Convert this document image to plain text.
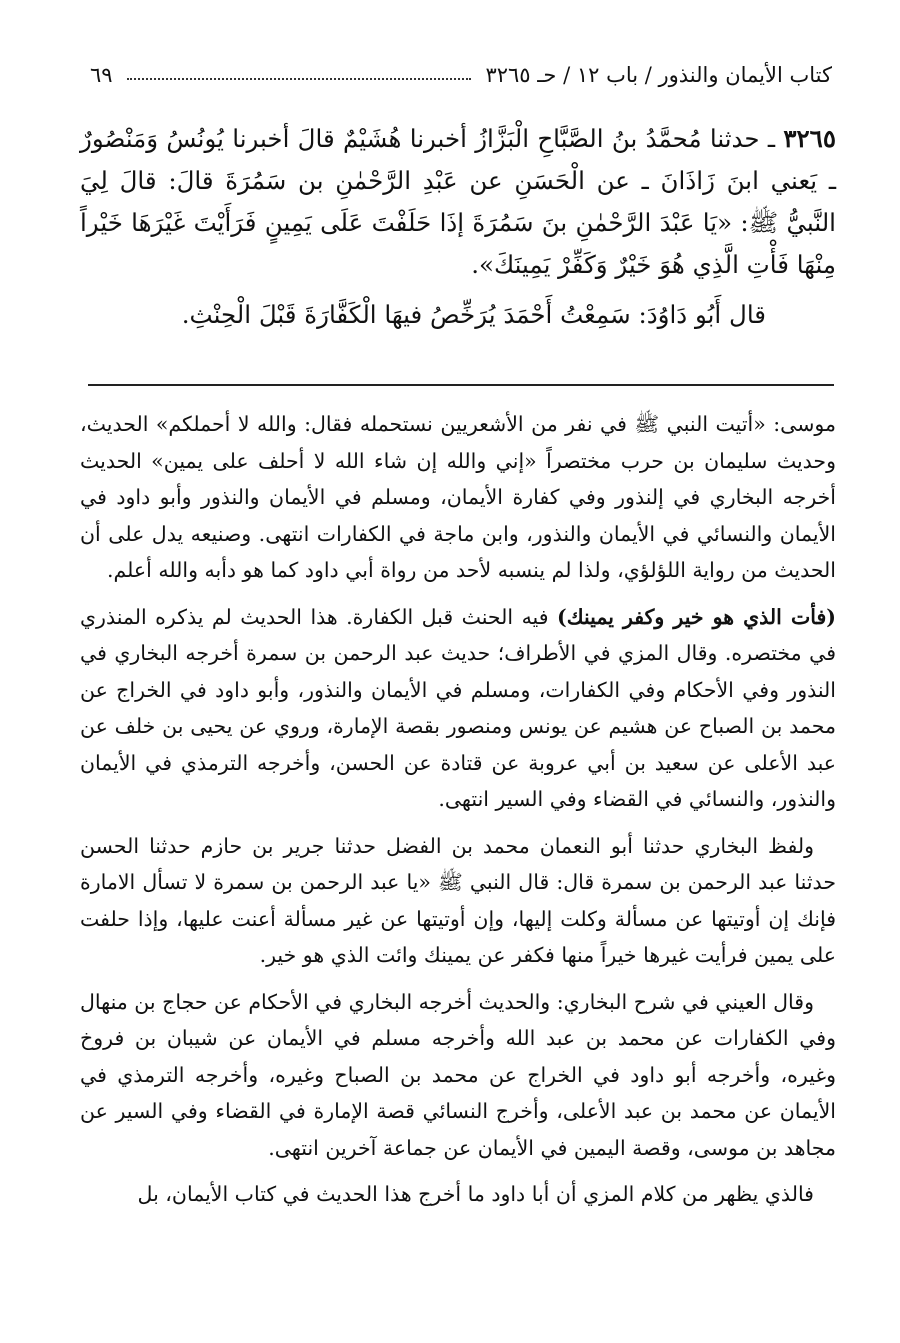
كتاب الأيمان والنذور / باب ١٢ / حـ ٣٢٦٥
٦٩

٣٢٦٥ ـ حدثنا مُحمَّدُ بنُ الصَّبَّاحِ الْبَزَّازُ أخبرنا هُشَيْمٌ قالَ أخبرنا يُونُسُ وَمَنْصُورٌ ـ يَعني ابنَ زَاذَانَ ـ عن الْحَسَنِ عن عَبْدِ الرَّحْمٰنِ بن سَمُرَةَ قالَ: قالَ لِيَ النَّبيُّ ﷺ: «يَا عَبْدَ الرَّحْمٰنِ بنَ سَمُرَةَ إذَا حَلَفْتَ عَلَى يَمِينٍ فَرَأَيْتَ غَيْرَهَا خَيْراً مِنْهَا فَأْتِ الَّذِي هُوَ خَيْرٌ وَكَفِّرْ يَمِينَكَ».

قال أَبُو دَاوُدَ: سَمِعْتُ أَحْمَدَ يُرَخِّصُ فيهَا الْكَفَّارَةَ قَبْلَ الْحِنْثِ.

موسى: «أتيت النبي ﷺ في نفر من الأشعريين نستحمله فقال: والله لا أحملكم» الحديث، وحديث سليمان بن حرب مختصراً «إني والله إن شاء الله لا أحلف على يمين» الحديث أخرجه البخاري في إلنذور وفي كفارة الأيمان، ومسلم في الأيمان والنذور وأبو داود في الأيمان والنسائي في الأيمان والنذور، وابن ماجة في الكفارات انتهى. وصنيعه يدل على أن الحديث من رواية اللؤلؤي، ولذا لم ينسبه لأحد من رواة أبي داود كما هو دأبه والله أعلم.

(فأت الذي هو خير وكفر يمينك) فيه الحنث قبل الكفارة. هذا الحديث لم يذكره المنذري في مختصره. وقال المزي في الأطراف؛ حديث عبد الرحمن بن سمرة أخرجه البخاري في النذور وفي الأحكام وفي الكفارات، ومسلم في الأيمان والنذور، وأبو داود في الخراج عن محمد بن الصباح عن هشيم عن يونس ومنصور بقصة الإمارة، وروي عن يحيى بن خلف عن عبد الأعلى عن سعيد بن أبي عروبة عن قتادة عن الحسن، وأخرجه الترمذي في الأيمان والنذور، والنسائي في القضاء وفي السير انتهى.

ولفظ البخاري حدثنا أبو النعمان محمد بن الفضل حدثنا جرير بن حازم حدثنا الحسن حدثنا عبد الرحمن بن سمرة قال: قال النبي ﷺ «يا عبد الرحمن بن سمرة لا تسأل الامارة فإنك إن أوتيتها عن مسألة وكلت إليها، وإن أوتيتها عن غير مسألة أعنت عليها، وإذا حلفت على يمين فرأيت غيرها خيراً منها فكفر عن يمينك وائت الذي هو خير.

وقال العيني في شرح البخاري: والحديث أخرجه البخاري في الأحكام عن حجاج بن منهال وفي الكفارات عن محمد بن عبد الله وأخرجه مسلم في الأيمان عن شيبان بن فروخ وغيره، وأخرجه أبو داود في الخراج عن محمد بن الصباح وغيره، وأخرجه الترمذي في الأيمان عن محمد بن عبد الأعلى، وأخرج النسائي قصة الإمارة في القضاء وفي السير عن مجاهد بن موسى، وقصة اليمين في الأيمان عن جماعة آخرين انتهى.

فالذي يظهر من كلام المزي أن أبا داود ما أخرج هذا الحديث في كتاب الأيمان، بل
